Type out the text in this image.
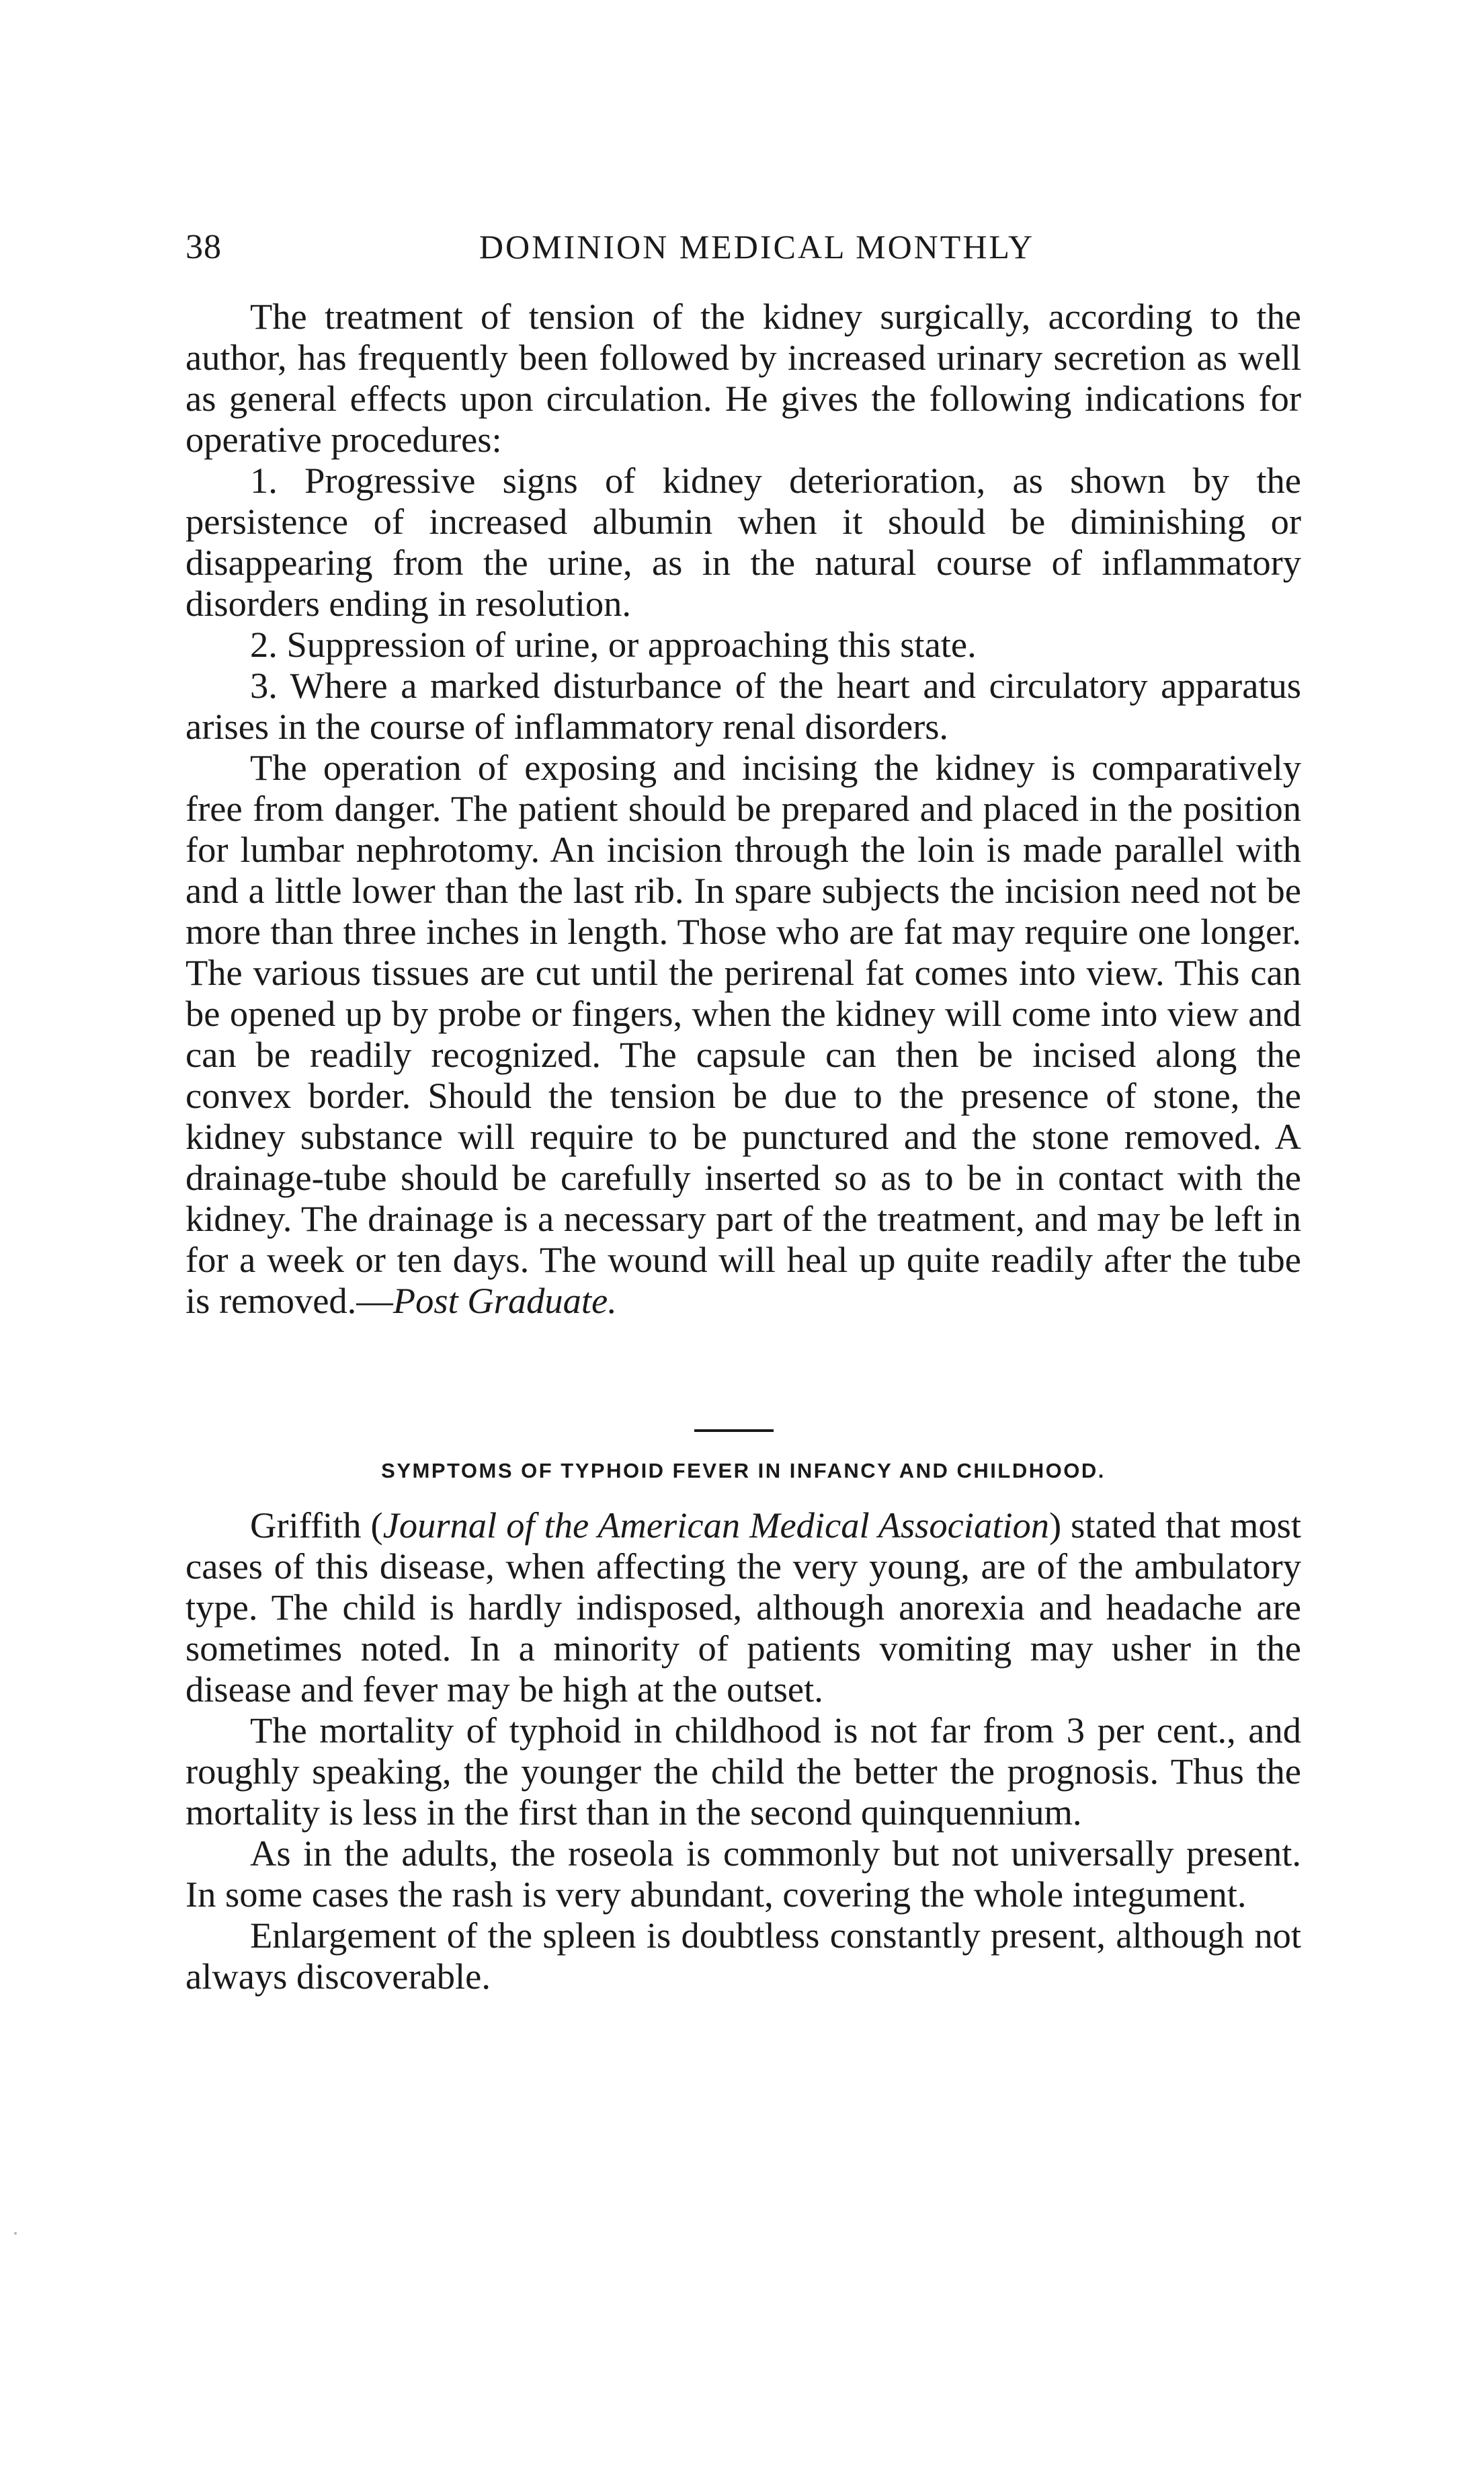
38	DOMINION MEDICAL MONTHLY

The treatment of tension of the kidney surgically, according to the author, has frequently been followed by increased urinary secretion as well as general effects upon circulation. He gives the following indications for operative procedures:

1. Progressive signs of kidney deterioration, as shown by the persistence of increased albumin when it should be diminishing or disappearing from the urine, as in the natural course of inflammatory disorders ending in resolution.

2. Suppression of urine, or approaching this state.

3. Where a marked disturbance of the heart and circulatory apparatus arises in the course of inflammatory renal disorders.

The operation of exposing and incising the kidney is comparatively free from danger. The patient should be prepared and placed in the position for lumbar nephrotomy. An incision through the loin is made parallel with and a little lower than the last rib. In spare subjects the incision need not be more than three inches in length. Those who are fat may require one longer. The various tissues are cut until the perirenal fat comes into view. This can be opened up by probe or fingers, when the kidney will come into view and can be readily recognized. The capsule can then be incised along the convex border. Should the tension be due to the presence of stone, the kidney substance will require to be punctured and the stone removed. A drainage-tube should be carefully inserted so as to be in contact with the kidney. The drainage is a necessary part of the treatment, and may be left in for a week or ten days. The wound will heal up quite readily after the tube is removed.—Post Graduate.

SYMPTOMS OF TYPHOID FEVER IN INFANCY AND CHILDHOOD.

Griffith (Journal of the American Medical Association) stated that most cases of this disease, when affecting the very young, are of the ambulatory type. The child is hardly indisposed, although anorexia and headache are sometimes noted. In a minority of patients vomiting may usher in the disease and fever may be high at the outset.

The mortality of typhoid in childhood is not far from 3 per cent., and roughly speaking, the younger the child the better the prognosis. Thus the mortality is less in the first than in the second quinquennium.

As in the adults, the roseola is commonly but not universally present. In some cases the rash is very abundant, covering the whole integument.

Enlargement of the spleen is doubtless constantly present, although not always discoverable.
